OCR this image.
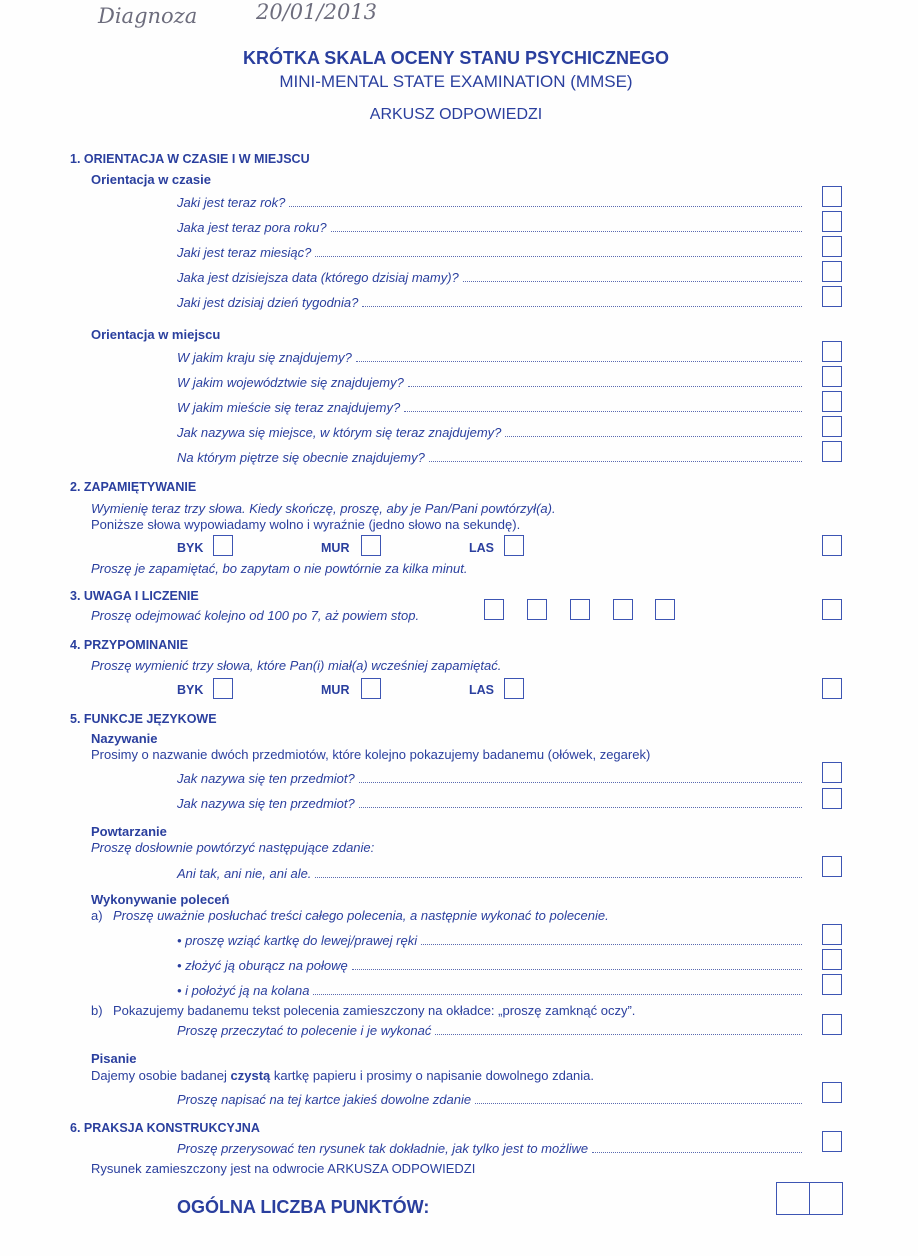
Diagnoza	20/01/2013
KRÓTKA SKALA OCENY STANU PSYCHICZNEGO
MINI-MENTAL STATE EXAMINATION (MMSE)
ARKUSZ ODPOWIEDZI
1. ORIENTACJA W CZASIE I W MIEJSCU
Orientacja w czasie
Jaki jest teraz rok?
Jaka jest teraz pora roku?
Jaki jest teraz miesiąc?
Jaka jest dzisiejsza data (którego dzisiaj mamy)?
Jaki jest dzisiaj dzień tygodnia?
Orientacja w miejscu
W jakim kraju się znajdujemy?
W jakim województwie się znajdujemy?
W jakim mieście się teraz znajdujemy?
Jak nazywa się miejsce, w którym się teraz znajdujemy?
Na którym piętrze się obecnie znajdujemy?
2. ZAPAMIĘTYWANIE
Wymienię teraz trzy słowa. Kiedy skończę, proszę, aby je Pan/Pani powtórzył(a).
Poniższe słowa wypowiadamy wolno i wyraźnie (jedno słowo na sekundę).
BYK	MUR	LAS
Proszę je zapamiętać, bo zapytam o nie powtórnie za kilka minut.
3. UWAGA I LICZENIE
Proszę odejmować kolejno od 100 po 7, aż powiem stop.
4. PRZYPOMINANIE
Proszę wymienić trzy słowa, które Pan(i) miał(a) wcześniej zapamiętać.
BYK	MUR	LAS
5. FUNKCJE JĘZYKOWE
Nazywanie
Prosimy o nazwanie dwóch przedmiotów, które kolejno pokazujemy badanemu (ołówek, zegarek)
Jak nazywa się ten przedmiot?
Jak nazywa się ten przedmiot?
Powtarzanie
Proszę dosłownie powtórzyć następujące zdanie:
Ani tak, ani nie, ani ale.
Wykonywanie poleceń
a) Proszę uważnie posłuchać treści całego polecenia, a następnie wykonać to polecenie.
• proszę wziąć kartkę do lewej/prawej ręki
• złożyć ją oburącz na połowę
• i położyć ją na kolana
b) Pokazujemy badanemu tekst polecenia zamieszczony na okładce: „proszę zamknąć oczy”.
Proszę przeczytać to polecenie i je wykonać
Pisanie
Dajemy osobie badanej czystą kartkę papieru i prosimy o napisanie dowolnego zdania.
Proszę napisać na tej kartce jakieś dowolne zdanie
6. PRAKSJA KONSTRUKCYJNA
Proszę przerysować ten rysunek tak dokładnie, jak tylko jest to możliwe
Rysunek zamieszczony jest na odwrocie ARKUSZA ODPOWIEDZI
OGÓLNA LICZBA PUNKTÓW:
